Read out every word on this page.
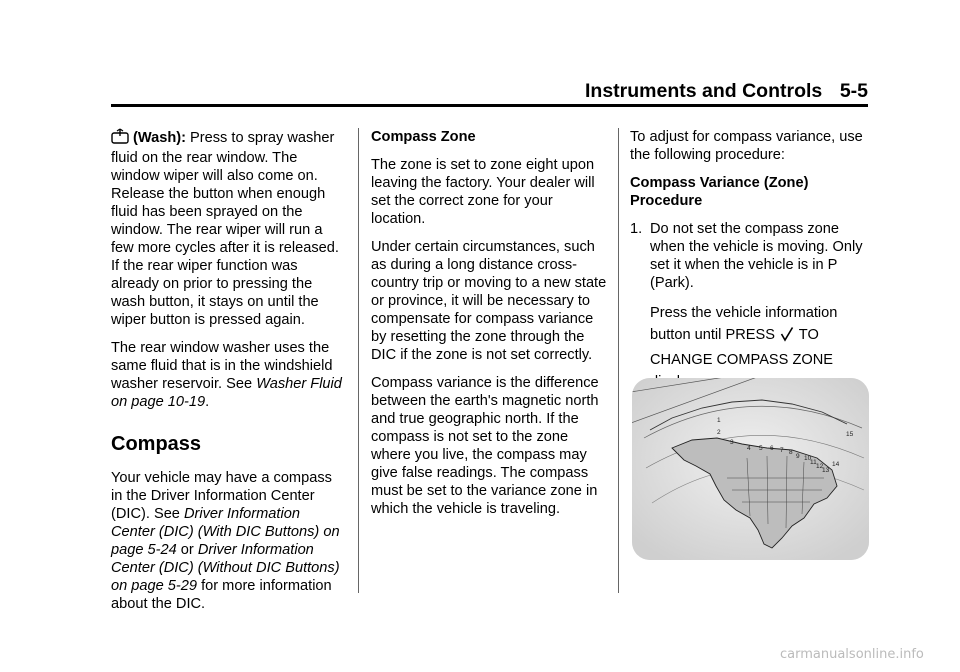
Instruments and Controls 5-5

(Wash): Press to spray washer fluid on the rear window. The window wiper will also come on. Release the button when enough fluid has been sprayed on the window. The rear wiper will run a few more cycles after it is released. If the rear wiper function was already on prior to pressing the wash button, it stays on until the wiper button is pressed again.

The rear window washer uses the same fluid that is in the windshield washer reservoir. See Washer Fluid on page 10-19.

Compass

Your vehicle may have a compass in the Driver Information Center (DIC). See Driver Information Center (DIC) (With DIC Buttons) on page 5-24 or Driver Information Center (DIC) (Without DIC Buttons) on page 5-29 for more information about the DIC.

Compass Zone

The zone is set to zone eight upon leaving the factory. Your dealer will set the correct zone for your location.

Under certain circumstances, such as during a long distance cross-country trip or moving to a new state or province, it will be necessary to compensate for compass variance by resetting the zone through the DIC if the zone is not set correctly.

Compass variance is the difference between the earth's magnetic north and true geographic north. If the compass is not set to the zone where you live, the compass may give false readings. The compass must be set to the variance zone in which the vehicle is traveling.

To adjust for compass variance, use the following procedure:

Compass Variance (Zone) Procedure

1. Do not set the compass zone when the vehicle is moving. Only set it when the vehicle is in P (Park).

Press the vehicle information button until PRESS  TO CHANGE COMPASS ZONE

1
2
3
4 5 6 7 8
9 10
11
12
13
14
15
carmanualsonline.info
